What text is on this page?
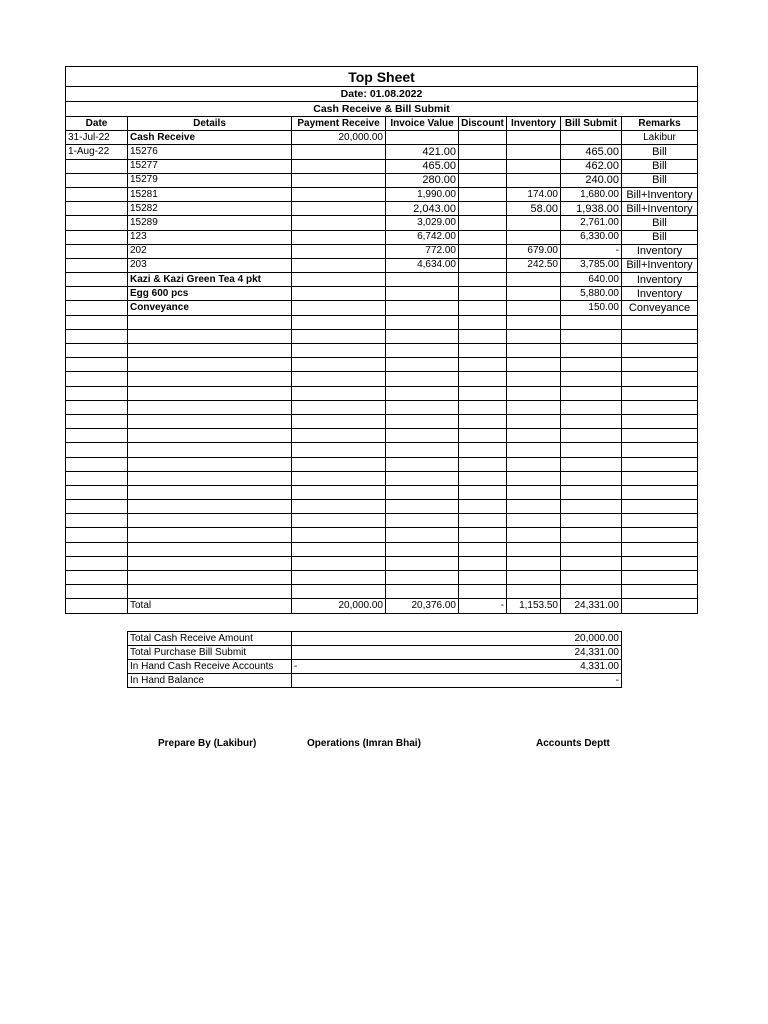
Top Sheet							
Date: 01.08.2022							
Cash Receive & Bill Submit							
Date	Details	Payment Receive	Invoice Value	Discount	Inventory	Bill Submit	Remarks
31-Jul-22	Cash Receive	20,000.00					Lakibur
1-Aug-22	15276		421.00			465.00	Bill
	15277		465.00			462.00	Bill
	15279		280.00			240.00	Bill
	15281		1,990.00		174.00	1,680.00	Bill+Inventory
	15282		2,043.00		58.00	1,938.00	Bill+Inventory
	15289		3,029.00			2,761.00	Bill
	123		6,742.00			6,330.00	Bill
	202		772.00		679.00	-	Inventory
	203		4,634.00		242.50	3,785.00	Bill+Inventory
	Kazi & Kazi Green Tea 4 pkt					640.00	Inventory
	Egg 600 pcs					5,880.00	Inventory
	Conveyance					150.00	Conveyance

	Total	20,000.00	20,376.00	-	1,153.50	24,331.00	
Total Cash Receive Amount	20,000.00

Total Purchase Bill Submit	24,331.00

In Hand Cash Receive Accounts	- 4,331.00

In Hand Balance	-
Prepare By (Lakibur)	Operations (Imran Bhai)	Accounts Deptt
